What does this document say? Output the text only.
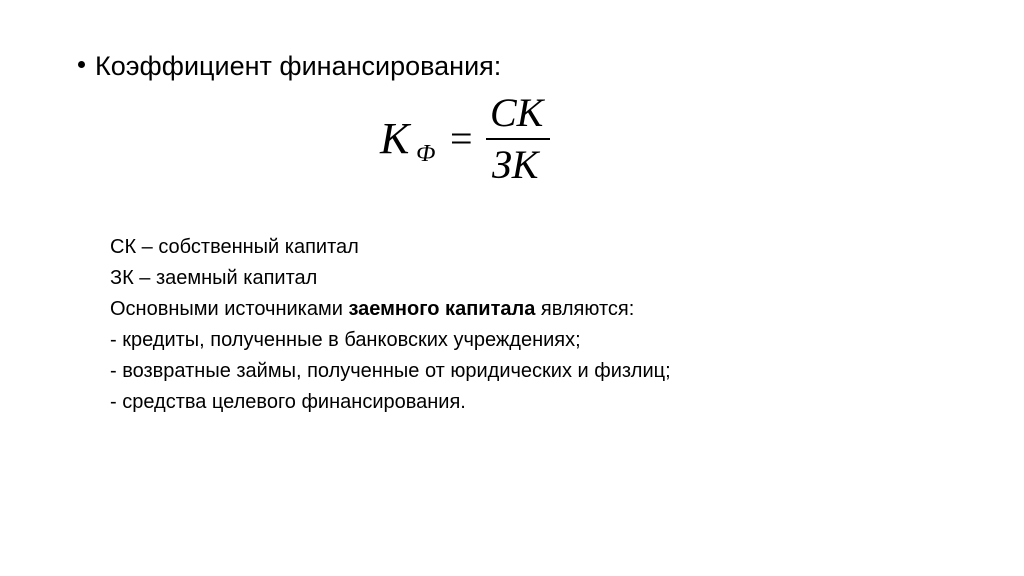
Коэффициент финансирования:
К Ф =
СК
ЗК
СК – собственный капитал
ЗК – заемный капитал
Основными источниками заемного капитала являются:
- кредиты, полученные в банковских учреждениях;
- возвратные займы, полученные от юридических и физлиц;
- средства целевого финансирования.
